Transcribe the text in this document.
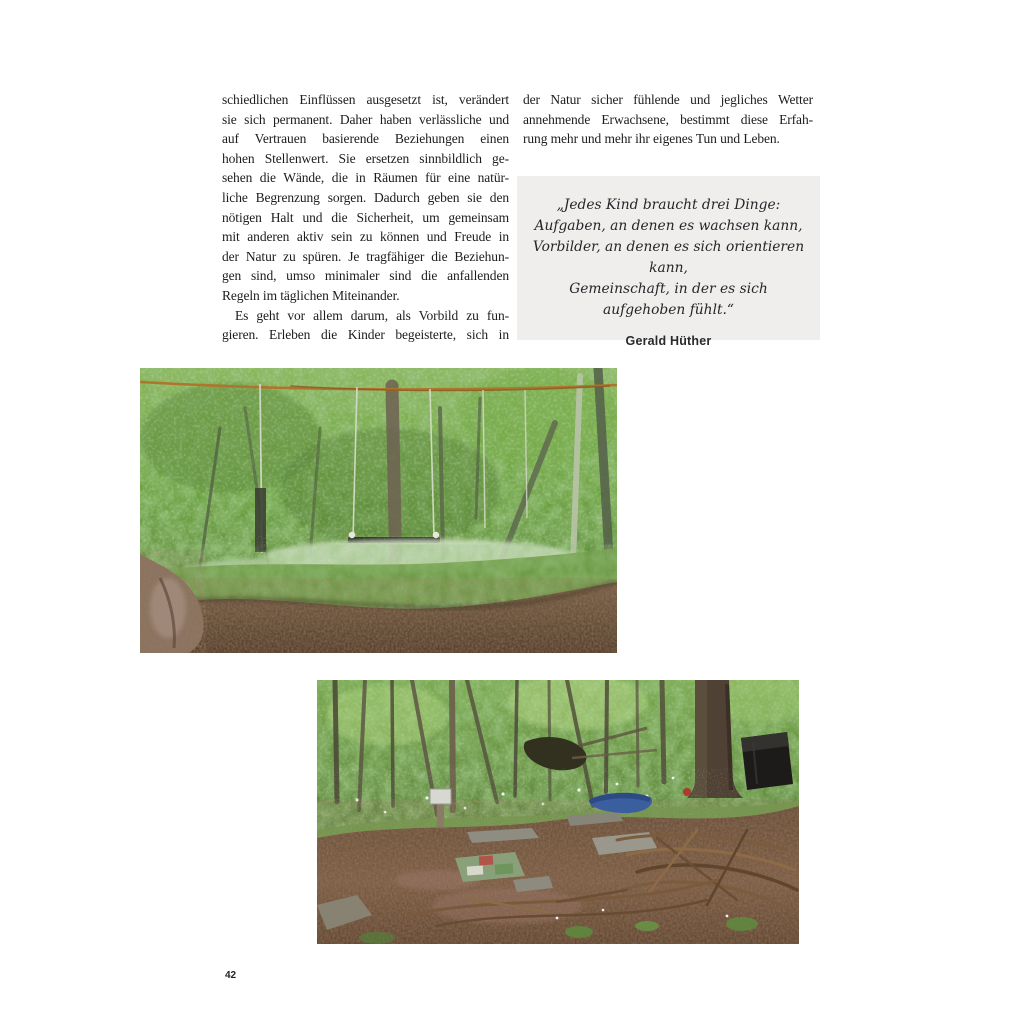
schiedlichen Einflüssen ausgesetzt ist, verändert
sie sich permanent. Daher haben verlässliche und
auf Vertrauen basierende Beziehungen einen
hohen Stellenwert. Sie ersetzen sinnbildlich ge-
sehen die Wände, die in Räumen für eine natür-
liche Begrenzung sorgen. Dadurch geben sie den
nötigen Halt und die Sicherheit, um gemeinsam
mit anderen aktiv sein zu können und Freude in
der Natur zu spüren. Je tragfähiger die Beziehun-
gen sind, umso minimaler sind die anfallenden
Regeln im täglichen Miteinander.
Es geht vor allem darum, als Vorbild zu fun-
gieren. Erleben die Kinder begeisterte, sich in
der Natur sicher fühlende und jegliches Wetter
annehmende Erwachsene, bestimmt diese Erfah-
rung mehr und mehr ihr eigenes Tun und Leben.
„Jedes Kind braucht drei Dinge:
Aufgaben, an denen es wachsen kann,
Vorbilder, an denen es sich orientieren kann,
Gemeinschaft, in der es sich
aufgehoben fühlt.“
Gerald Hüther
42
